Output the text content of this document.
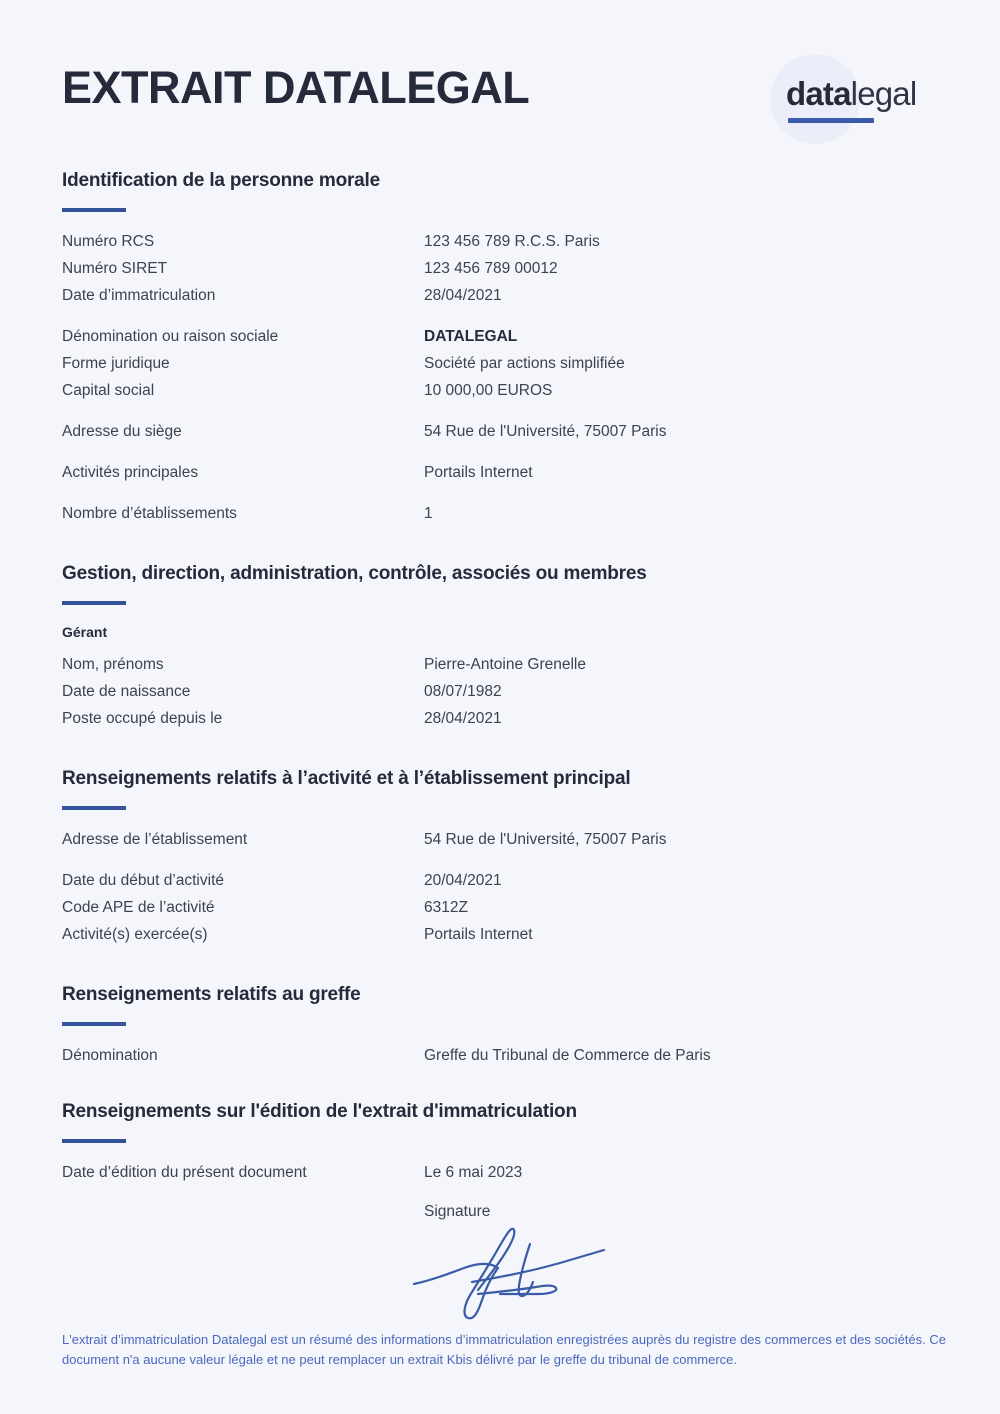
EXTRAIT DATALEGAL	datalegal
Identification de la personne morale
Numéro RCS	123 456 789 R.C.S. Paris
Numéro SIRET	123 456 789 00012
Date d’immatriculation	28/04/2021
Dénomination ou raison sociale	DATALEGAL
Forme juridique	Société par actions simplifiée
Capital social	10 000,00 EUROS
Adresse du siège	54 Rue de l'Université, 75007 Paris
Activités principales	Portails Internet
Nombre d’établissements	1
Gestion, direction, administration, contrôle, associés ou membres
Gérant
Nom, prénoms	Pierre-Antoine Grenelle
Date de naissance	08/07/1982
Poste occupé depuis le	28/04/2021
Renseignements relatifs à l’activité et à l’établissement principal
Adresse de l’établissement	54 Rue de l'Université, 75007 Paris
Date du début d’activité	20/04/2021
Code APE de l’activité	6312Z
Activité(s) exercée(s)	Portails Internet
Renseignements relatifs au greffe
Dénomination	Greffe du Tribunal de Commerce de Paris
Renseignements sur l'édition de l'extrait d'immatriculation
Date d’édition du présent document	Le 6 mai 2023
Signature

L'extrait d’immatriculation Datalegal est un résumé des informations d’immatriculation enregistrées auprès du registre des commerces et des sociétés. Ce document n'a aucune valeur légale et ne peut remplacer un extrait Kbis délivré par le greffe du tribunal de commerce.
